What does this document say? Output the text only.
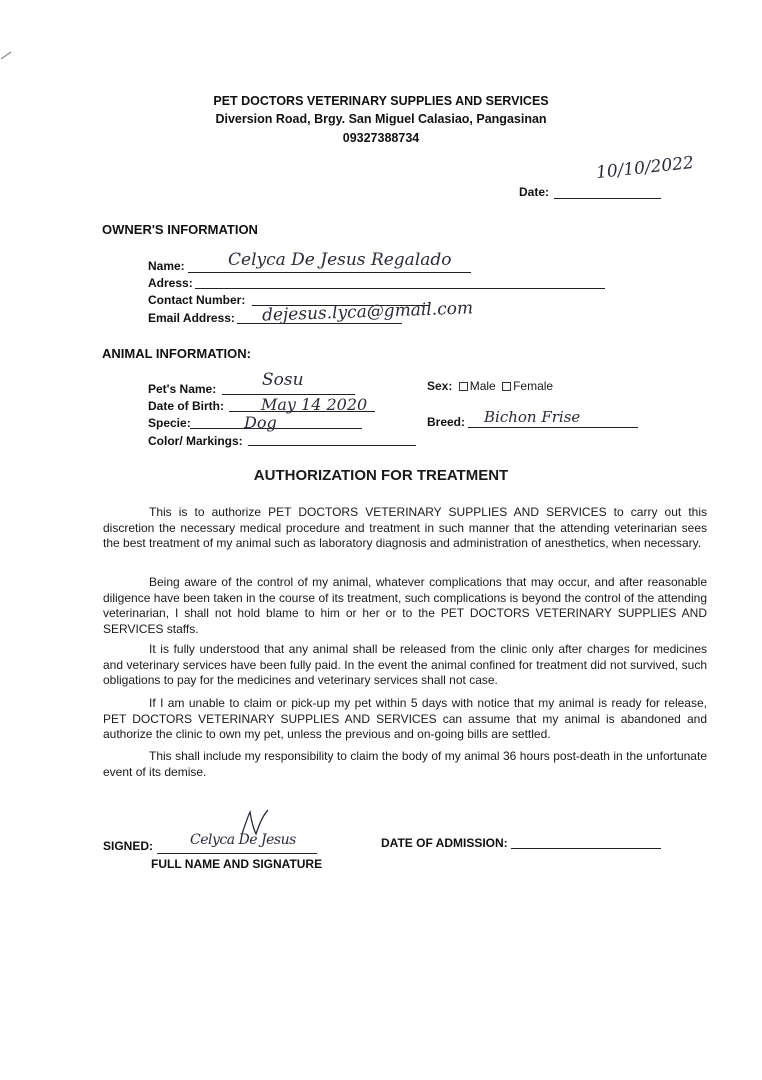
PET DOCTORS VETERINARY SUPPLIES AND SERVICES
Diversion Road, Brgy. San Miguel Calasiao, Pangasinan
09327388734
10/10/2022
Date:
OWNER'S INFORMATION
Name:	Celyca De Jesus Regalado
Adress:
Contact Number:
Email Address: dejesus.lyca@gmail.com
ANIMAL INFORMATION:
Pet's Name:	Sosu
Date of Birth: May 14 2020
Specie:	Dog
Color/ Markings:
Sex: Male Female
Breed: Bichon Frise
AUTHORIZATION FOR TREATMENT
This is to authorize PET DOCTORS VETERINARY SUPPLIES AND SERVICES to carry out this discretion the necessary medical procedure and treatment in such manner that the attending veterinarian sees the best treatment of my animal such as laboratory diagnosis and administration of anesthetics, when necessary.
Being aware of the control of my animal, whatever complications that may occur, and after reasonable diligence have been taken in the course of its treatment, such complications is beyond the control of the attending veterinarian, I shall not hold blame to him or her or to the PET DOCTORS VETERINARY SUPPLIES AND SERVICES staffs.
It is fully understood that any animal shall be released from the clinic only after charges for medicines and veterinary services have been fully paid. In the event the animal confined for treatment did not survived, such obligations to pay for the medicines and veterinary services shall not case.
If I am unable to claim or pick-up my pet within 5 days with notice that my animal is ready for release, PET DOCTORS VETERINARY SUPPLIES AND SERVICES can assume that my animal is abandoned and authorize the clinic to own my pet, unless the previous and on-going bills are settled.
This shall include my responsibility to claim the body of my animal 36 hours post-death in the unfortunate event of its demise.
SIGNED:	Celyca De Jesus
FULL NAME AND SIGNATURE
DATE OF ADMISSION:
